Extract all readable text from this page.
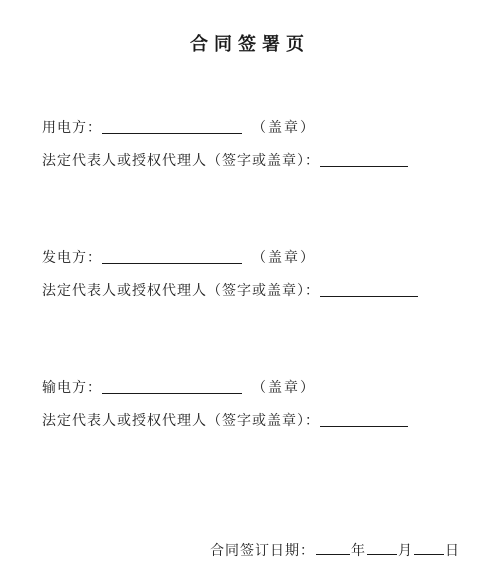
合同签署页
用电方：	（盖章）
法定代表人或授权代理人（签字或盖章）：
发电方：	（盖章）
法定代表人或授权代理人（签字或盖章）：
输电方：	（盖章）
法定代表人或授权代理人（签字或盖章）：
合同签订日期：	年 月 日
